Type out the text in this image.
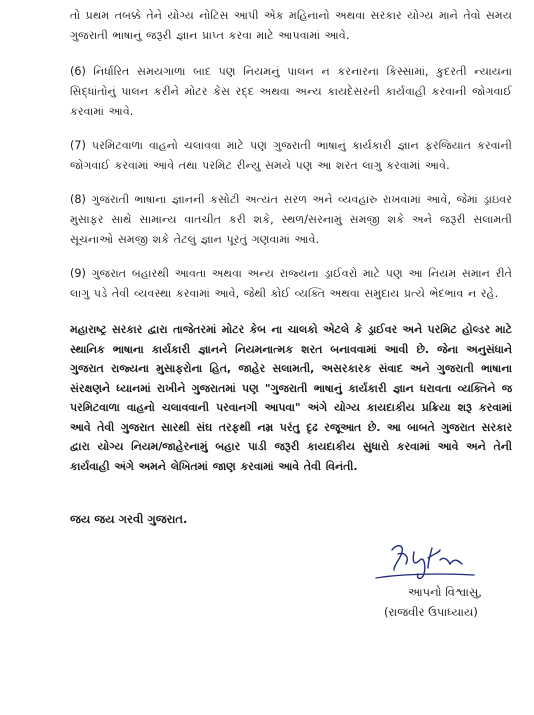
તો પ્રથમ તબક્કે તેને યોગ્ય નોટિસ આપી એક મહિનાનો અથવા સરકાર યોગ્ય માને તેવો સમય ગુજરાતી ભાષાનું જરૂરી જ્ઞાન પ્રાપ્ત કરવા માટે આપવામાં આવે.
(6) નિર્ધારિત સમયગાળા બાદ પણ નિયમનું પાલન ન કરનારના કિસ્સામાં, કુદરતી ન્યાયના સિદ્ધાંતોનું પાલન કરીને મોટર કેસ રદ્દ અથવા અન્ય કાયદેસરની કાર્યવાહી કરવાની જોગવાઈ કરવામાં આવે.
(7) પરમિટવાળા વાહનો ચલાવવા માટે પણ ગુજરાતી ભાષાનું કાર્યકારી જ્ઞાન ફરજિયાત કરવાની જોગવાઈ કરવામાં આવે તથા પરમિટ રીન્યુ સમયે પણ આ શરત લાગુ કરવામાં આવે.
(8) ગુજરાતી ભાષાના જ્ઞાનની કસોટી અત્યંત સરળ અને વ્યવહારુ રાખવામાં આવે, જેમાં ડ્રાઇવર મુસાફર સાથે સામાન્ય વાતચીત કરી શકે, સ્થળ/સરનામું સમજી શકે અને જરૂરી સલામતી સૂચનાઓ સમજી શકે તેટલું જ્ઞાન પૂરતું ગણવામાં આવે.
(9) ગુજરાત બહારથી આવતા અથવા અન્ય રાજ્યના ડ્રાઈવરો માટે પણ આ નિયમ સમાન રીતે લાગુ પડે તેવી વ્યવસ્થા કરવામાં આવે, જેથી કોઈ વ્યક્તિ અથવા સમુદાય પ્રત્યે ભેદભાવ ન રહે.
મહારાષ્ટ્ર સરકાર દ્વારા તાજેતરમાં મોટર કેબ ના ચાલકો એટલે કે ડ્રાઈવર અને પરમિટ હોલ્ડર માટે સ્થાનિક ભાષાના કાર્યકારી જ્ઞાનને નિયમનાત્મક શરત બનાવવામાં આવી છે. જેના અનુસંધાને ગુજરાત રાજ્યના મુસાફરોના હિત, જાહેર સલામતી, અસરકારક સંવાદ અને ગુજરાતી ભાષાના સંરક્ષણને ધ્યાનમાં રાખીને ગુજરાતમાં પણ "ગુજરાતી ભાષાનું કાર્યકારી જ્ઞાન ધરાવતા વ્યક્તિને જ પરમિટવાળા વાહનો ચલાવવાની પરવાનગી આપવા" અંગે યોગ્ય કાયદાકીય પ્રક્રિયા શરૂ કરવામાં આવે તેવી ગુજરાત સારથી સંઘ તરફથી નમ્ર પરંતુ દૃઢ રજૂઆત છે. આ બાબતે ગુજરાત સરકાર દ્વારા યોગ્ય નિયમ/જાહેરનામું બહાર પાડી જરૂરી કાયદાકીય સુધારો કરવામાં આવે અને તેની કાર્યવાહી અંગે અમને લેખિતમાં જાણ કરવામાં આવે તેવી વિનંતી.
જય જય ગરવી ગુજરાત.
આપનો વિશ્વાસુ,
(રાજવીર ઉપાધ્યાય)
